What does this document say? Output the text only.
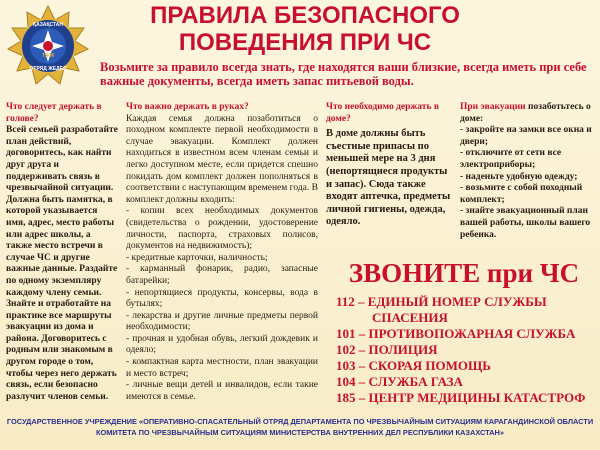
ҚАЗАҚСТАН
ОТРЯД ЖЕДЕЛ
ТЖМ
ПРАВИЛА БЕЗОПАСНОГО
ПОВЕДЕНИЯ ПРИ ЧС
Возьмите за правило всегда знать, где находятся ваши близкие, всегда иметь при себе важные документы, всегда иметь запас питьевой воды.
Что следует держать в голове?
Всей семьей разработайте план действий, договоритесь, как найти друг друга и поддерживать связь в чрезвычайной ситуации. Должна быть памятка, в которой указывается имя, адрес, место работы или адрес школы, а также место встречи в случае ЧС и другие важные данные. Раздайте по одному экземпляру каждому члену семьи. Знайте и отработайте на практике все маршруты эвакуации из дома и района. Договоритесь с родным или знакомым в другом городе о том, чтобы через него держать связь, если безопасно разлучит членов семьи.
Что важно держать в руках?
Каждая семья должна позаботиться о походном комплекте первой необходимости в случае эвакуации. Комплект должен находиться в известном всем членам семьи и легко доступном месте, если придется спешно покидать дом комплект должен пополняться в соответствии с наступающим временем года. В комплект должны входить:
- копии всех необходимых документов (свидетельства о рождении, удостоверение личности, паспорта, страховых полисов, документов на недвижимость);
- кредитные карточки, наличность;
- карманный фонарик, радио, запасные батарейки;
- непортящиеся продукты, консервы, вода в бутылях;
- лекарства и другие личные предметы первой необходимости;
- прочная и удобная обувь, легкий дождевик и одеяло;
- компактная карта местности, план эвакуации и место встреч;
- личные вещи детей и инвалидов, если такие имеются в семье.
Что необходимо держать в доме?
В доме должны быть съестные припасы по меньшей мере на 3 дня (непортящиеся продукты и запас). Сюда также входят аптечка, предметы личной гигиены, одежда, одеяло.
При эвакуации позаботьтесь о доме:
- закройте на замки все окна и двери;
- отключите от сети все электроприборы;
- наденьте удобную одежду;
- возьмите с собой походный комплект;
- знайте эвакуационный план вашей работы, школы вашего ребенка.
ЗВОНИТЕ при ЧС
112 – ЕДИНЫЙ НОМЕР СЛУЖБЫ
СПАСЕНИЯ
101 – ПРОТИВОПОЖАРНАЯ СЛУЖБА
102 – ПОЛИЦИЯ
103 – СКОРАЯ ПОМОЩЬ
104 – СЛУЖБА ГАЗА
185 – ЦЕНТР МЕДИЦИНЫ КАТАСТРОФ
ГОСУДАРСТВЕННОЕ УЧРЕЖДЕНИЕ «ОПЕРАТИВНО-СПАСАТЕЛЬНЫЙ ОТРЯД ДЕПАРТАМЕНТА ПО ЧРЕЗВЫЧАЙНЫМ СИТУАЦИЯМ КАРАГАНДИНСКОЙ ОБЛАСТИ
КОМИТЕТА ПО ЧРЕЗВЫЧАЙНЫМ СИТУАЦИЯМ МИНИСТЕРСТВА ВНУТРЕННИХ ДЕЛ РЕСПУБЛИКИ КАЗАХСТАН»
